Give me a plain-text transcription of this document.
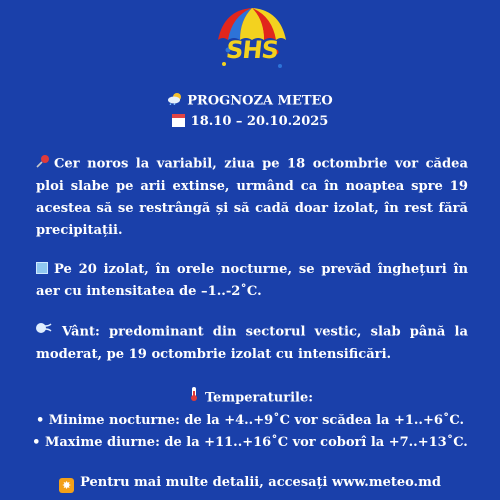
SHS
PROGNOZA METEO
18.10 – 20.10.2025
Cer noros la variabil, ziua pe 18 octombrie vor cădea ploi slabe pe arii extinse, urmând ca în noaptea spre 19 acestea să se restrângă și să cadă doar izolat, în rest fără precipitații.
Pe 20 izolat, în orele nocturne, se prevăd înghețuri în aer cu intensitatea de –1..-2˚C.
Vânt: predominant din sectorul vestic, slab până la moderat, pe 19 octombrie izolat cu intensificări.
Temperaturile:
• Minime nocturne: de la +4..+9˚C vor scădea la +1..+6˚C.
• Maxime diurne: de la +11..+16˚C vor coborî la +7..+13˚C.
✸ Pentru mai multe detalii, accesați www.meteo.md
